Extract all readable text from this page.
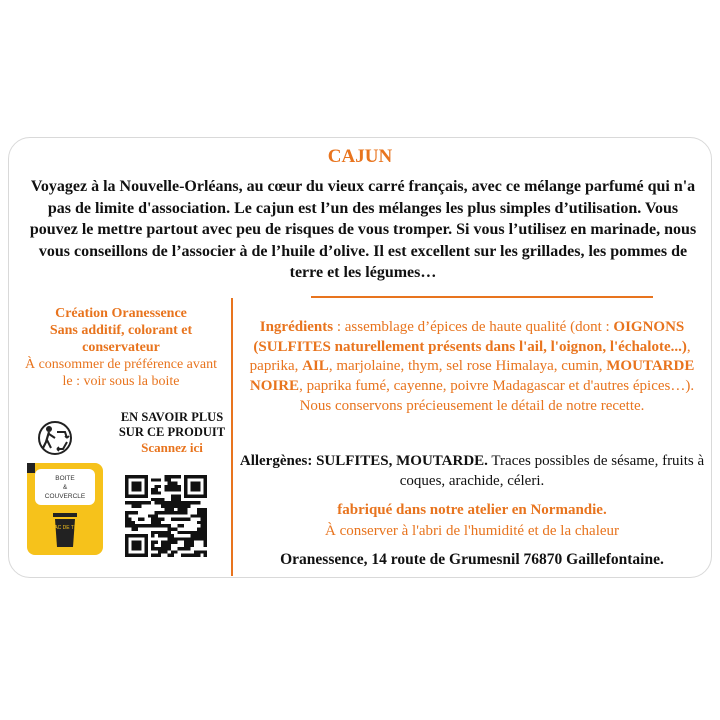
CAJUN
Voyagez à la Nouvelle-Orléans, au cœur du vieux carré français, avec ce mélange parfumé qui n'a pas de limite d'association. Le cajun est l’un des mélanges les plus simples d’utilisation. Vous pouvez le mettre partout avec peu de risques de vous tromper. Si vous l’utilisez en marinade, nous vous conseillons de l’associer à de l’huile d’olive. Il est excellent sur les grillades, les pommes de terre et les légumes…
Création Oranessence
Sans additif, colorant et conservateur
À consommer de préférence avant le : voir sous la boite
EN SAVOIR PLUS
SUR CE PRODUIT
Scannez ici
BOITE
&
COUVERCLE
SAC DE TRI
Ingrédients : assemblage d’épices de haute qualité (dont : OIGNONS (SULFITES naturellement présents dans l'ail, l'oignon, l'échalote...), paprika, AIL, marjolaine, thym, sel rose Himalaya, cumin, MOUTARDE NOIRE, paprika fumé, cayenne, poivre Madagascar et d'autres épices…). Nous conservons précieusement le détail de notre recette.
Allergènes: SULFITES, MOUTARDE. Traces possibles de sésame, fruits à coques, arachide, céleri.
fabriqué dans notre atelier en Normandie.
À conserver à l'abri de l'humidité et de la chaleur
Oranessence, 14 route de Grumesnil 76870 Gaillefontaine.
